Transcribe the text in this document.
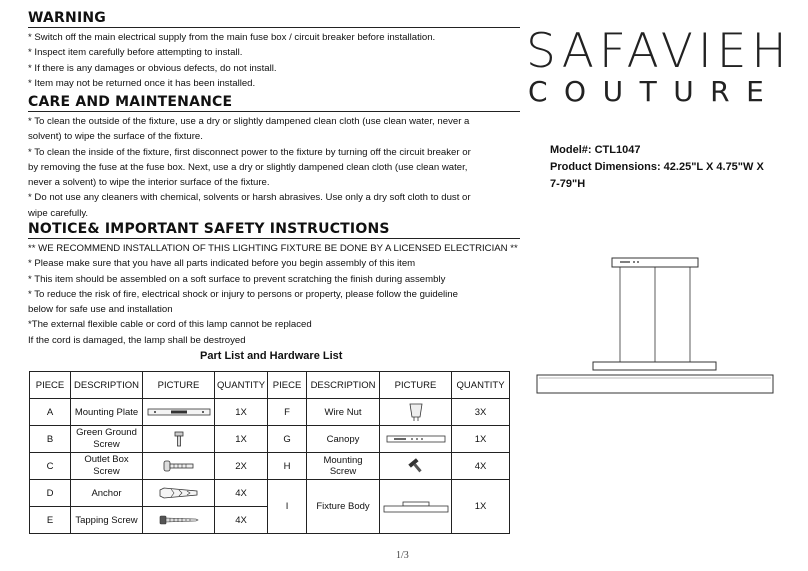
WARNING
* Switch off the main electrical supply from the main fuse box / circuit breaker before installation.
* Inspect item carefully before attempting to install.
* If there is any damages or obvious defects, do not install.
* Item may not be returned once it has been installed.
CARE AND MAINTENANCE
* To clean the outside of the fixture, use a dry or slightly dampened clean cloth (use clean water, never a
solvent) to wipe the surface of the fixture.
* To clean the inside of the fixture, first disconnect power to the fixture by turning off the circuit breaker or
by removing the fuse at the fuse box. Next, use a dry or slightly dampened clean cloth (use clean water,
never a solvent) to wipe the interior surface of the fixture.
* Do not use any cleaners with chemical, solvents or harsh abrasives. Use only a dry soft cloth to dust or
wipe carefully.
NOTICE& IMPORTANT SAFETY INSTRUCTIONS
** WE RECOMMEND INSTALLATION OF THIS LIGHTING FIXTURE BE DONE BY A LICENSED ELECTRICIAN **
* Please make sure that you have all parts indicated before you begin assembly of this item
* This item should be assembled on a soft surface to prevent scratching the finish during assembly
* To reduce the risk of fire, electrical shock or injury to persons or property, please follow the guideline
below for safe use and installation
*The external flexible cable or cord of this lamp cannot be replaced
If the cord is damaged, the lamp shall be destroyed
SAFAVIEH
COUTURE
Model#: CTL1047
Product Dimensions: 42.25"L X 4.75"W X
7-79"H
Part List and Hardware List
PIECE	DESCRIPTION	PICTURE	QUANTITY	PIECE	DESCRIPTION	PICTURE	QUANTITY
A	Mounting Plate		1X	F	Wire Nut		3X
B	Green Ground Screw		1X	G	Canopy		1X
C	Outlet Box Screw		2X	H	Mounting Screw		4X
D	Anchor		4X	I	Fixture Body		1X
E	Tapping Screw		4X				
1/3
